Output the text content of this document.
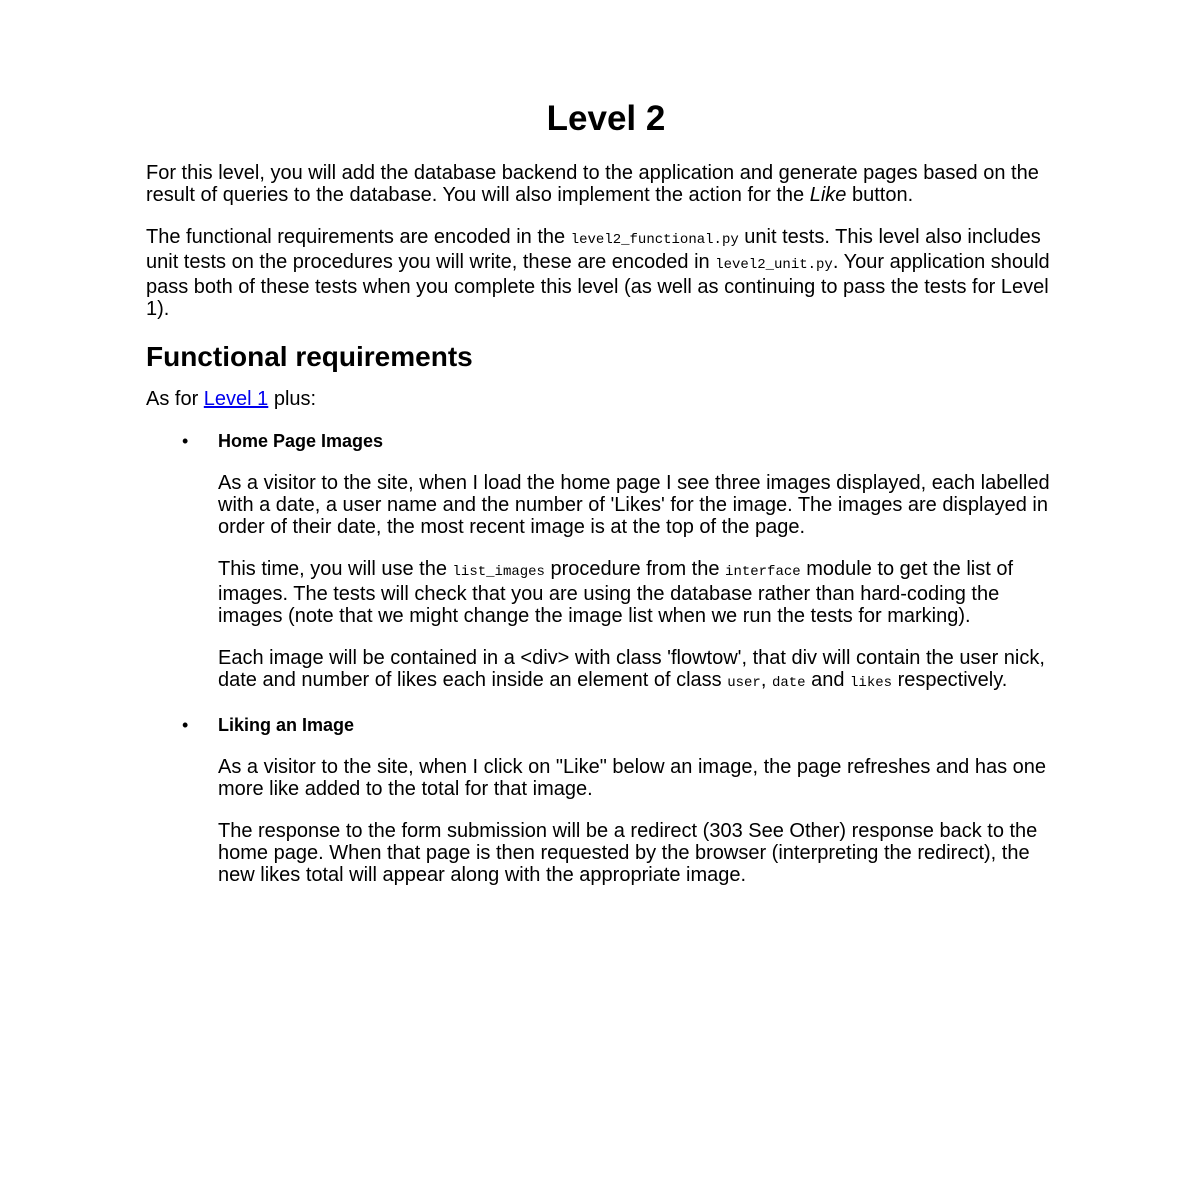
Level 2

For this level, you will add the database backend to the application and generate pages based on the result of queries to the database. You will also implement the action for the Like button.

The functional requirements are encoded in the level2_functional.py unit tests. This level also includes unit tests on the procedures you will write, these are encoded in level2_unit.py. Your application should pass both of these tests when you complete this level (as well as continuing to pass the tests for Level 1).

Functional requirements

As for Level 1 plus:

• Home Page Images

As a visitor to the site, when I load the home page I see three images displayed, each labelled with a date, a user name and the number of 'Likes' for the image. The images are displayed in order of their date, the most recent image is at the top of the page.

This time, you will use the list_images procedure from the interface module to get the list of images. The tests will check that you are using the database rather than hard-coding the images (note that we might change the image list when we run the tests for marking).

Each image will be contained in a <div> with class 'flowtow', that div will contain the user nick, date and number of likes each inside an element of class user, date and likes respectively.

• Liking an Image

As a visitor to the site, when I click on "Like" below an image, the page refreshes and has one more like added to the total for that image.

The response to the form submission will be a redirect (303 See Other) response back to the home page. When that page is then requested by the browser (interpreting the redirect), the new likes total will appear along with the appropriate image.
